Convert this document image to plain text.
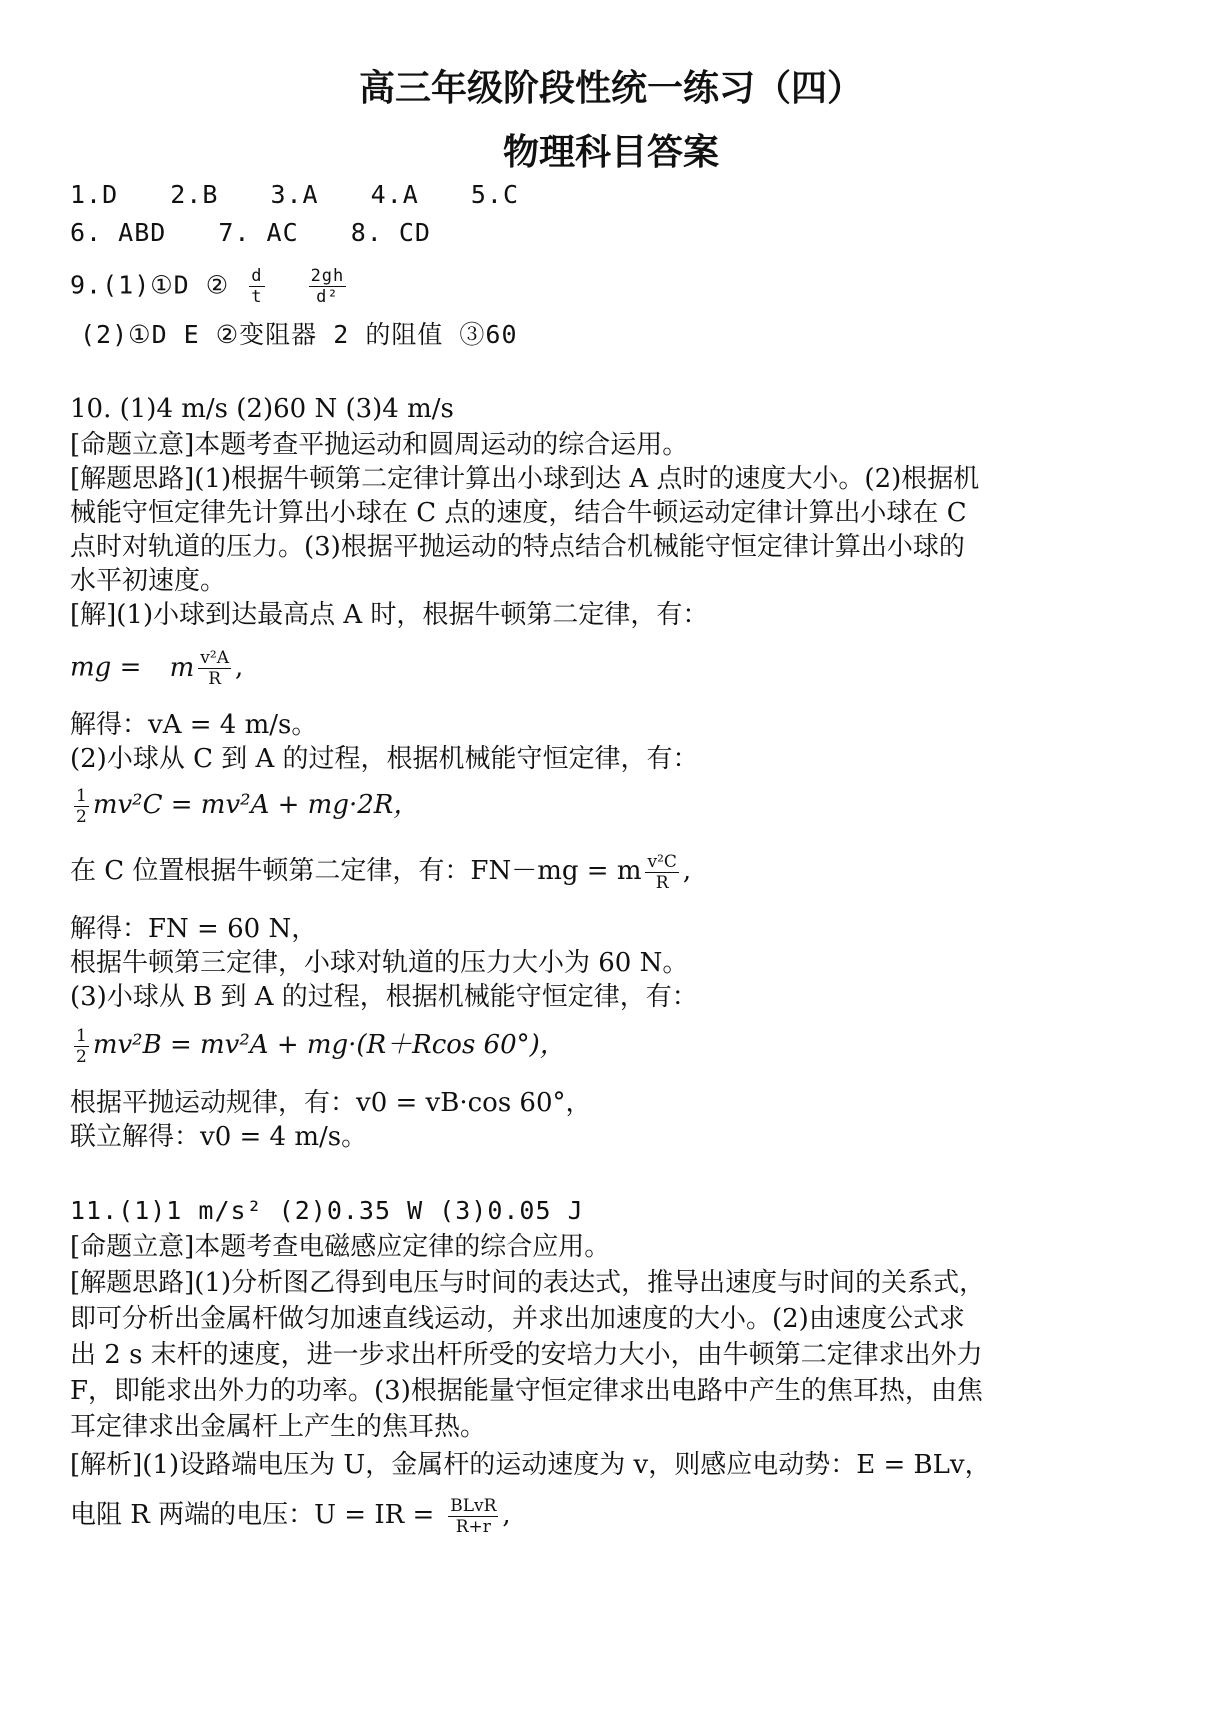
高三年级阶段性统一练习（四）
物理科目答案
1.D 2.B 3.A 4.A 5.C
6. ABD 7. AC 8. CD
9.(1)①D ② $\frac{d}{t}$
	$\frac{2gh}{\text{d²}}$
(2)①D E ②变阻器 2 的阻值 ③60
10. (1)4 m/s (2)60 N (3)4 m/s
[命题立意]本题考查平抛运动和圆周运动的综合运用。
[解题思路](1)根据牛顿第二定律计算出小球到达 A 点时的速度大小。(2)根据机
械能守恒定律先计算出小球在 C 点的速度，结合牛顿运动定律计算出小球在 C
点时对轨道的压力。(3)根据平抛运动的特点结合机械能守恒定律计算出小球的
水平初速度。
[解](1)小球到达最高点 A 时，根据牛顿第二定律，有：
mg = m $\frac{\text{v²A}}{R}$ ,
解得：vA = 4 m/s。
(2)小球从 C 到 A 的过程，根据机械能守恒定律，有：
$\frac{1}{2} mv^2C = mv^2A + mg\cdot 2R$，
在 C 位置根据牛顿第二定律，有：FN－mg = m $\frac{\text{v²C}}{R}$ ,
解得：FN = 60 N，
根据牛顿第三定律，小球对轨道的压力大小为 60 N。
(3)小球从 B 到 A 的过程，根据机械能守恒定律，有：
$\frac{1}{2} mv^2B = mv^2A + mg\cdot(R+Rcos$ 60°)，
根据平抛运动规律，有：v0 = vB·cos 60°，
联立解得：v0 = 4 m/s。
11.(1)1 m/s² (2)0.35 W (3)0.05 J
[命题立意]本题考查电磁感应定律的综合应用。
[解题思路](1)分析图乙得到电压与时间的表达式，推导出速度与时间的关系式，
即可分析出金属杆做匀加速直线运动，并求出加速度的大小。(2)由速度公式求
出 2 s 末杆的速度，进一步求出杆所受的安培力大小，由牛顿第二定律求出外力
F，即能求出外力的功率。(3)根据能量守恒定律求出电路中产生的焦耳热，由焦
耳定律求出金属杆上产生的焦耳热。
[解析](1)设路端电压为 U，金属杆的运动速度为 v，则感应电动势：E = BLv，
电阻 R 两端的电压：U = IR = $\frac{\text{BLvR}}{R+r}$ ,
